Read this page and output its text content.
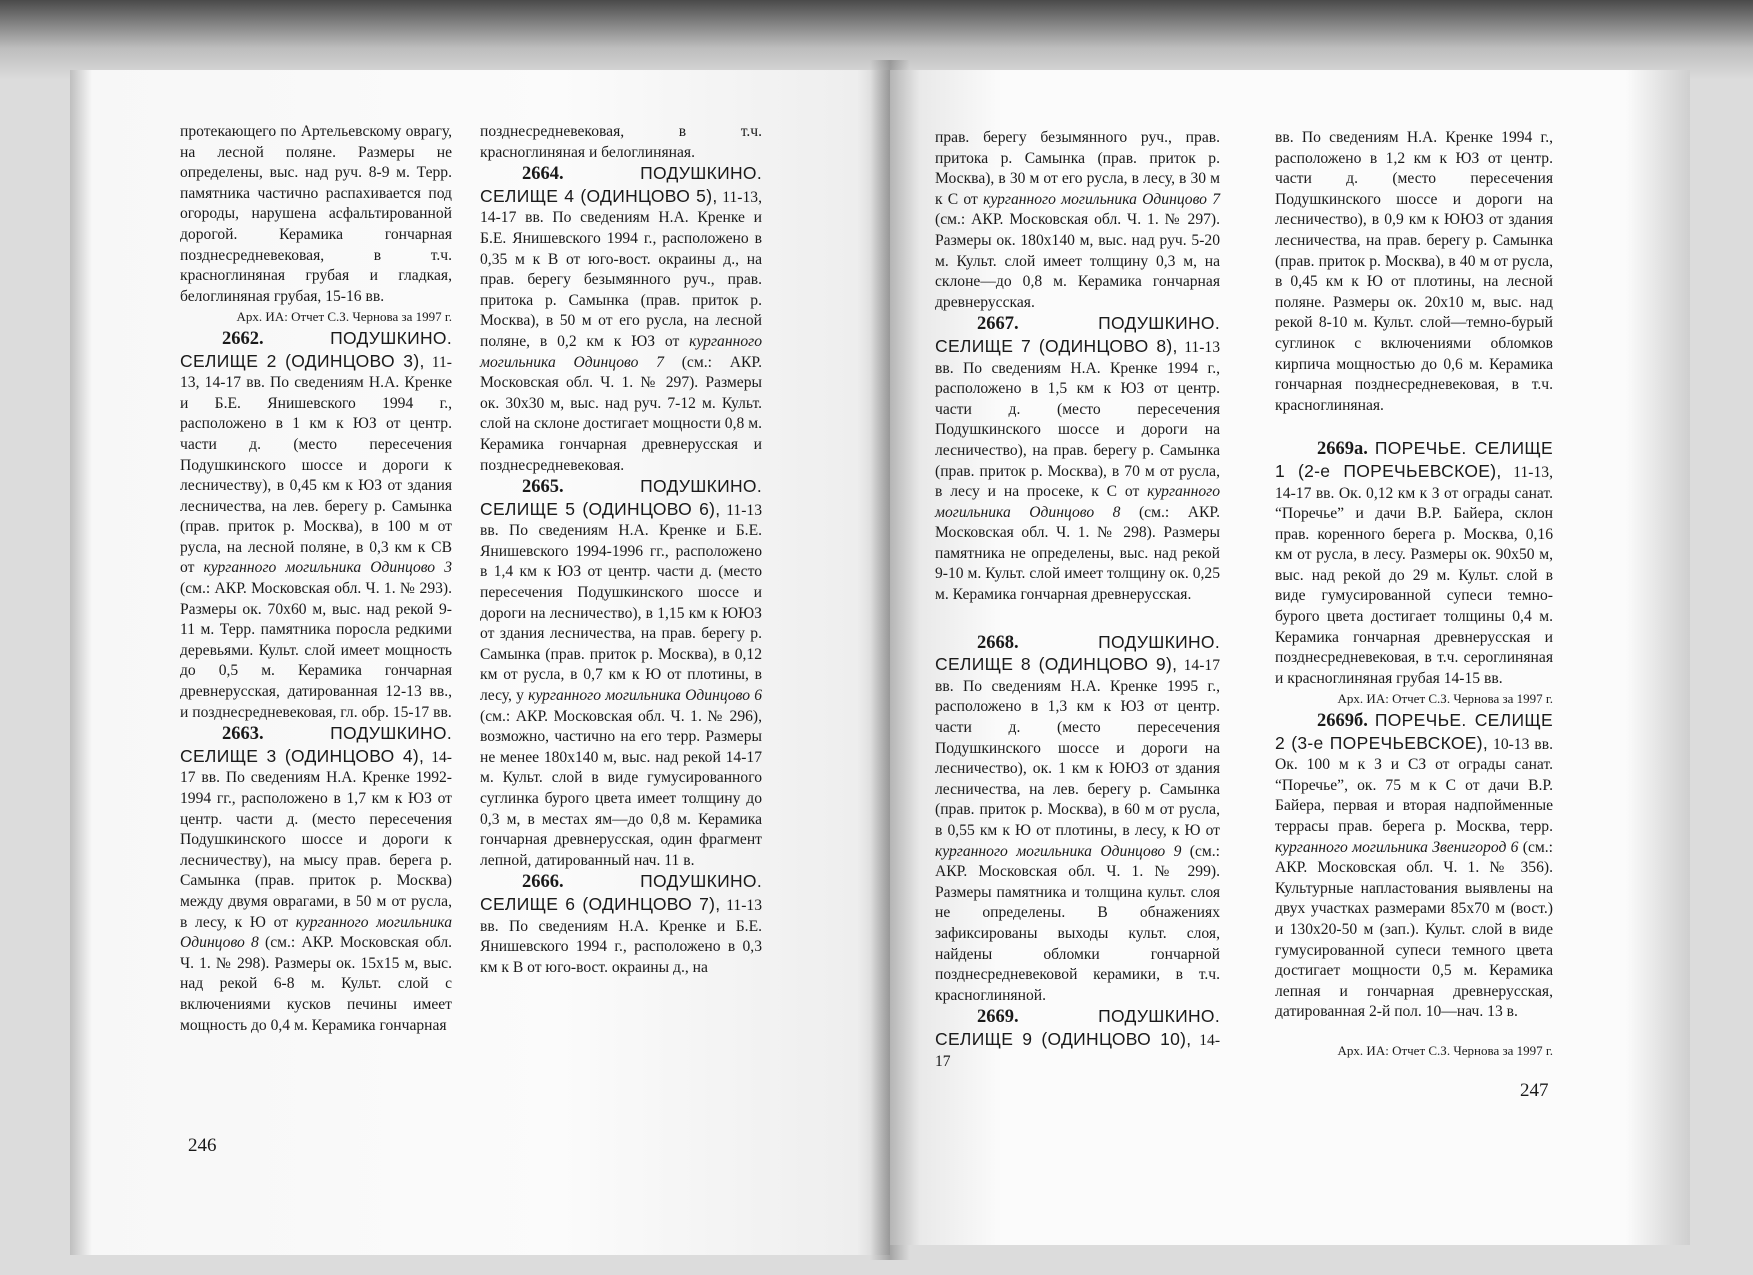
протекающего по Артельевскому оврагу, на лесной поляне. Размеры не определены, выс. над руч. 8-9 м. Терр. памятника частично распахивается под огороды, нарушена асфальтированной дорогой. Керамика гончарная позднесредневековая, в т.ч. красноглиняная грубая и гладкая, белоглиняная грубая, 15-16 вв.

Арх. ИА: Отчет С.З. Чернова за 1997 г.

2662.	ПОДУШКИНО. СЕЛИЩЕ 2 (ОДИНЦОВО 3), 11-13, 14-17 вв. По сведениям Н.А. Кренке и Б.Е. Янишевского 1994 г., расположено в 1 км к ЮЗ от центр. части д. (место пересечения Подушкинского шоссе и дороги к лесничеству), в 0,45 км к ЮЗ от здания лесничества, на лев. берегу р. Самынка (прав. приток р. Москва), в 100 м от русла, на лесной поляне, в 0,3 км к СВ от курганного могильника Одинцово 3 (см.: АКР. Московская обл. Ч. 1. № 293). Размеры ок. 70х60 м, выс. над рекой 9-11 м. Терр. памятника поросла редкими деревьями. Культ. слой имеет мощность до 0,5 м. Керамика гончарная древнерусская, датированная 12-13 вв., и позднесредневековая, гл. обр. 15-17 вв.

2663.	ПОДУШКИНО. СЕЛИЩЕ 3 (ОДИНЦОВО 4), 14-17 вв. По сведениям Н.А. Кренке 1992-1994 гг., расположено в 1,7 км к ЮЗ от центр. части д. (место пересечения Подушкинского шоссе и дороги к лесничеству), на мысу прав. берега р. Самынка (прав. приток р. Москва) между двумя оврагами, в 50 м от русла, в лесу, к Ю от курганного могильника Одинцово 8 (см.: АКР. Московская обл. Ч. 1. № 298). Размеры ок. 15х15 м, выс. над рекой 6-8 м. Культ. слой с включениями кусков печины имеет мощность до 0,4 м. Керамика гончарная

позднесредневековая, в т.ч. красноглиняная и белоглиняная.

2664.	ПОДУШКИНО. СЕЛИЩЕ 4 (ОДИНЦОВО 5), 11-13, 14-17 вв. По сведениям Н.А. Кренке и Б.Е. Янишевского 1994 г., расположено в 0,35 м к В от юго-вост. окраины д., на прав. берегу безымянного руч., прав. притока р. Самынка (прав. приток р. Москва), в 50 м от его русла, на лесной поляне, в 0,2 км к ЮЗ от курганного могильника Одинцово 7 (см.: АКР. Московская обл. Ч. 1. № 297). Размеры ок. 30х30 м, выс. над руч. 7-12 м. Культ. слой на склоне достигает мощности 0,8 м. Керамика гончарная древнерусская и позднесредневековая.

2665.	ПОДУШКИНО. СЕЛИЩЕ 5 (ОДИНЦОВО 6), 11-13 вв. По сведениям Н.А. Кренке и Б.Е. Янишевского 1994-1996 гг., расположено в 1,4 км к ЮЗ от центр. части д. (место пересечения Подушкинского шоссе и дороги на лесничество), в 1,15 км к ЮЮЗ от здания лесничества, на прав. берегу р. Самынка (прав. приток р. Москва), в 0,12 км от русла, в 0,7 км к Ю от плотины, в лесу, у курганного могильника Одинцово 6 (см.: АКР. Московская обл. Ч. 1. № 296), возможно, частично на его терр. Размеры не менее 180х140 м, выс. над рекой 14-17 м. Культ. слой в виде гумусированного суглинка бурого цвета имеет толщину до 0,3 м, в местах ям—до 0,8 м. Керамика гончарная древнерусская, один фрагмент лепной, датированный нач. 11 в.

2666.	ПОДУШКИНО. СЕЛИЩЕ 6 (ОДИНЦОВО 7), 11-13 вв. По сведениям Н.А. Кренке и Б.Е. Янишевского 1994 г., расположено в 0,3 км к В от юго-вост. окраины д., на

246

прав. берегу безымянного руч., прав. притока р. Самынка (прав. приток р. Москва), в 30 м от его русла, в лесу, в 30 м к С от курганного могильника Одинцово 7 (см.: АКР. Московская обл. Ч. 1. № 297). Размеры ок. 180х140 м, выс. над руч. 5-20 м. Культ. слой имеет толщину 0,3 м, на склоне—до 0,8 м. Керамика гончарная древнерусская.

2667.	ПОДУШКИНО. СЕЛИЩЕ 7 (ОДИНЦОВО 8), 11-13 вв. По сведениям Н.А. Кренке 1994 г., расположено в 1,5 км к ЮЗ от центр. части д. (место пересечения Подушкинского шоссе и дороги на лесничество), на прав. берегу р. Самынка (прав. приток р. Москва), в 70 м от русла, в лесу и на просеке, к С от курганного могильника Одинцово 8 (см.: АКР. Московская обл. Ч. 1. № 298). Размеры памятника не определены, выс. над рекой 9-10 м. Культ. слой имеет толщину ок. 0,25 м. Керамика гончарная древнерусская.

2668.	ПОДУШКИНО. СЕЛИЩЕ 8 (ОДИНЦОВО 9), 14-17 вв. По сведениям Н.А. Кренке 1995 г., расположено в 1,3 км к ЮЗ от центр. части д. (место пересечения Подушкинского шоссе и дороги на лесничество), ок. 1 км к ЮЮЗ от здания лесничества, на лев. берегу р. Самынка (прав. приток р. Москва), в 60 м от русла, в 0,55 км к Ю от плотины, в лесу, к Ю от курганного могильника Одинцово 9 (см.: АКР. Московская обл. Ч. 1. № 299). Размеры памятника и толщина культ. слоя не определены. В обнажениях зафиксированы выходы культ. слоя, найдены обломки гончарной позднесредневековой керамики, в т.ч. красноглиняной.

2669.	ПОДУШКИНО. СЕЛИЩЕ 9 (ОДИНЦОВО 10), 14-17

вв. По сведениям Н.А. Кренке 1994 г., расположено в 1,2 км к ЮЗ от центр. части д. (место пересечения Подушкинского шоссе и дороги на лесничество), в 0,9 км к ЮЮЗ от здания лесничества, на прав. берегу р. Самынка (прав. приток р. Москва), в 40 м от русла, в 0,45 км к Ю от плотины, на лесной поляне. Размеры ок. 20х10 м, выс. над рекой 8-10 м. Культ. слой—темно-бурый суглинок с включениями обломков кирпича мощностью до 0,6 м. Керамика гончарная позднесредневековая, в т.ч. красноглиняная.

2669а. ПОРЕЧЬЕ. СЕЛИЩЕ 1 (2-е ПОРЕЧЬЕВСКОЕ), 11-13, 14-17 вв. Ок. 0,12 км к З от ограды санат. “Поречье” и дачи В.Р. Байера, склон прав. коренного берега р. Москва, 0,16 км от русла, в лесу. Размеры ок. 90х50 м, выс. над рекой до 29 м. Культ. слой в виде гумусированной супеси темно-бурого цвета достигает толщины 0,4 м. Керамика гончарная древнерусская и позднесредневековая, в т.ч. сероглиняная и красноглиняная грубая 14-15 вв.

Арх. ИА: Отчет С.З. Чернова за 1997 г.

2669б. ПОРЕЧЬЕ. СЕЛИЩЕ 2 (3-е ПОРЕЧЬЕВСКОЕ), 10-13 вв. Ок. 100 м к З и СЗ от ограды санат. “Поречье”, ок. 75 м к С от дачи В.Р. Байера, первая и вторая надпойменные террасы прав. берега р. Москва, терр. курганного могильника Звенигород 6 (см.: АКР. Московская обл. Ч. 1. № 356). Культурные напластования выявлены на двух участках размерами 85х70 м (вост.) и 130х20-50 м (зап.). Культ. слой в виде гумусированной супеси темного цвета достигает мощности 0,5 м. Керамика лепная и гончарная древнерусская, датированная 2-й пол. 10—нач. 13 в.

Арх. ИА: Отчет С.З. Чернова за 1997 г.

247
